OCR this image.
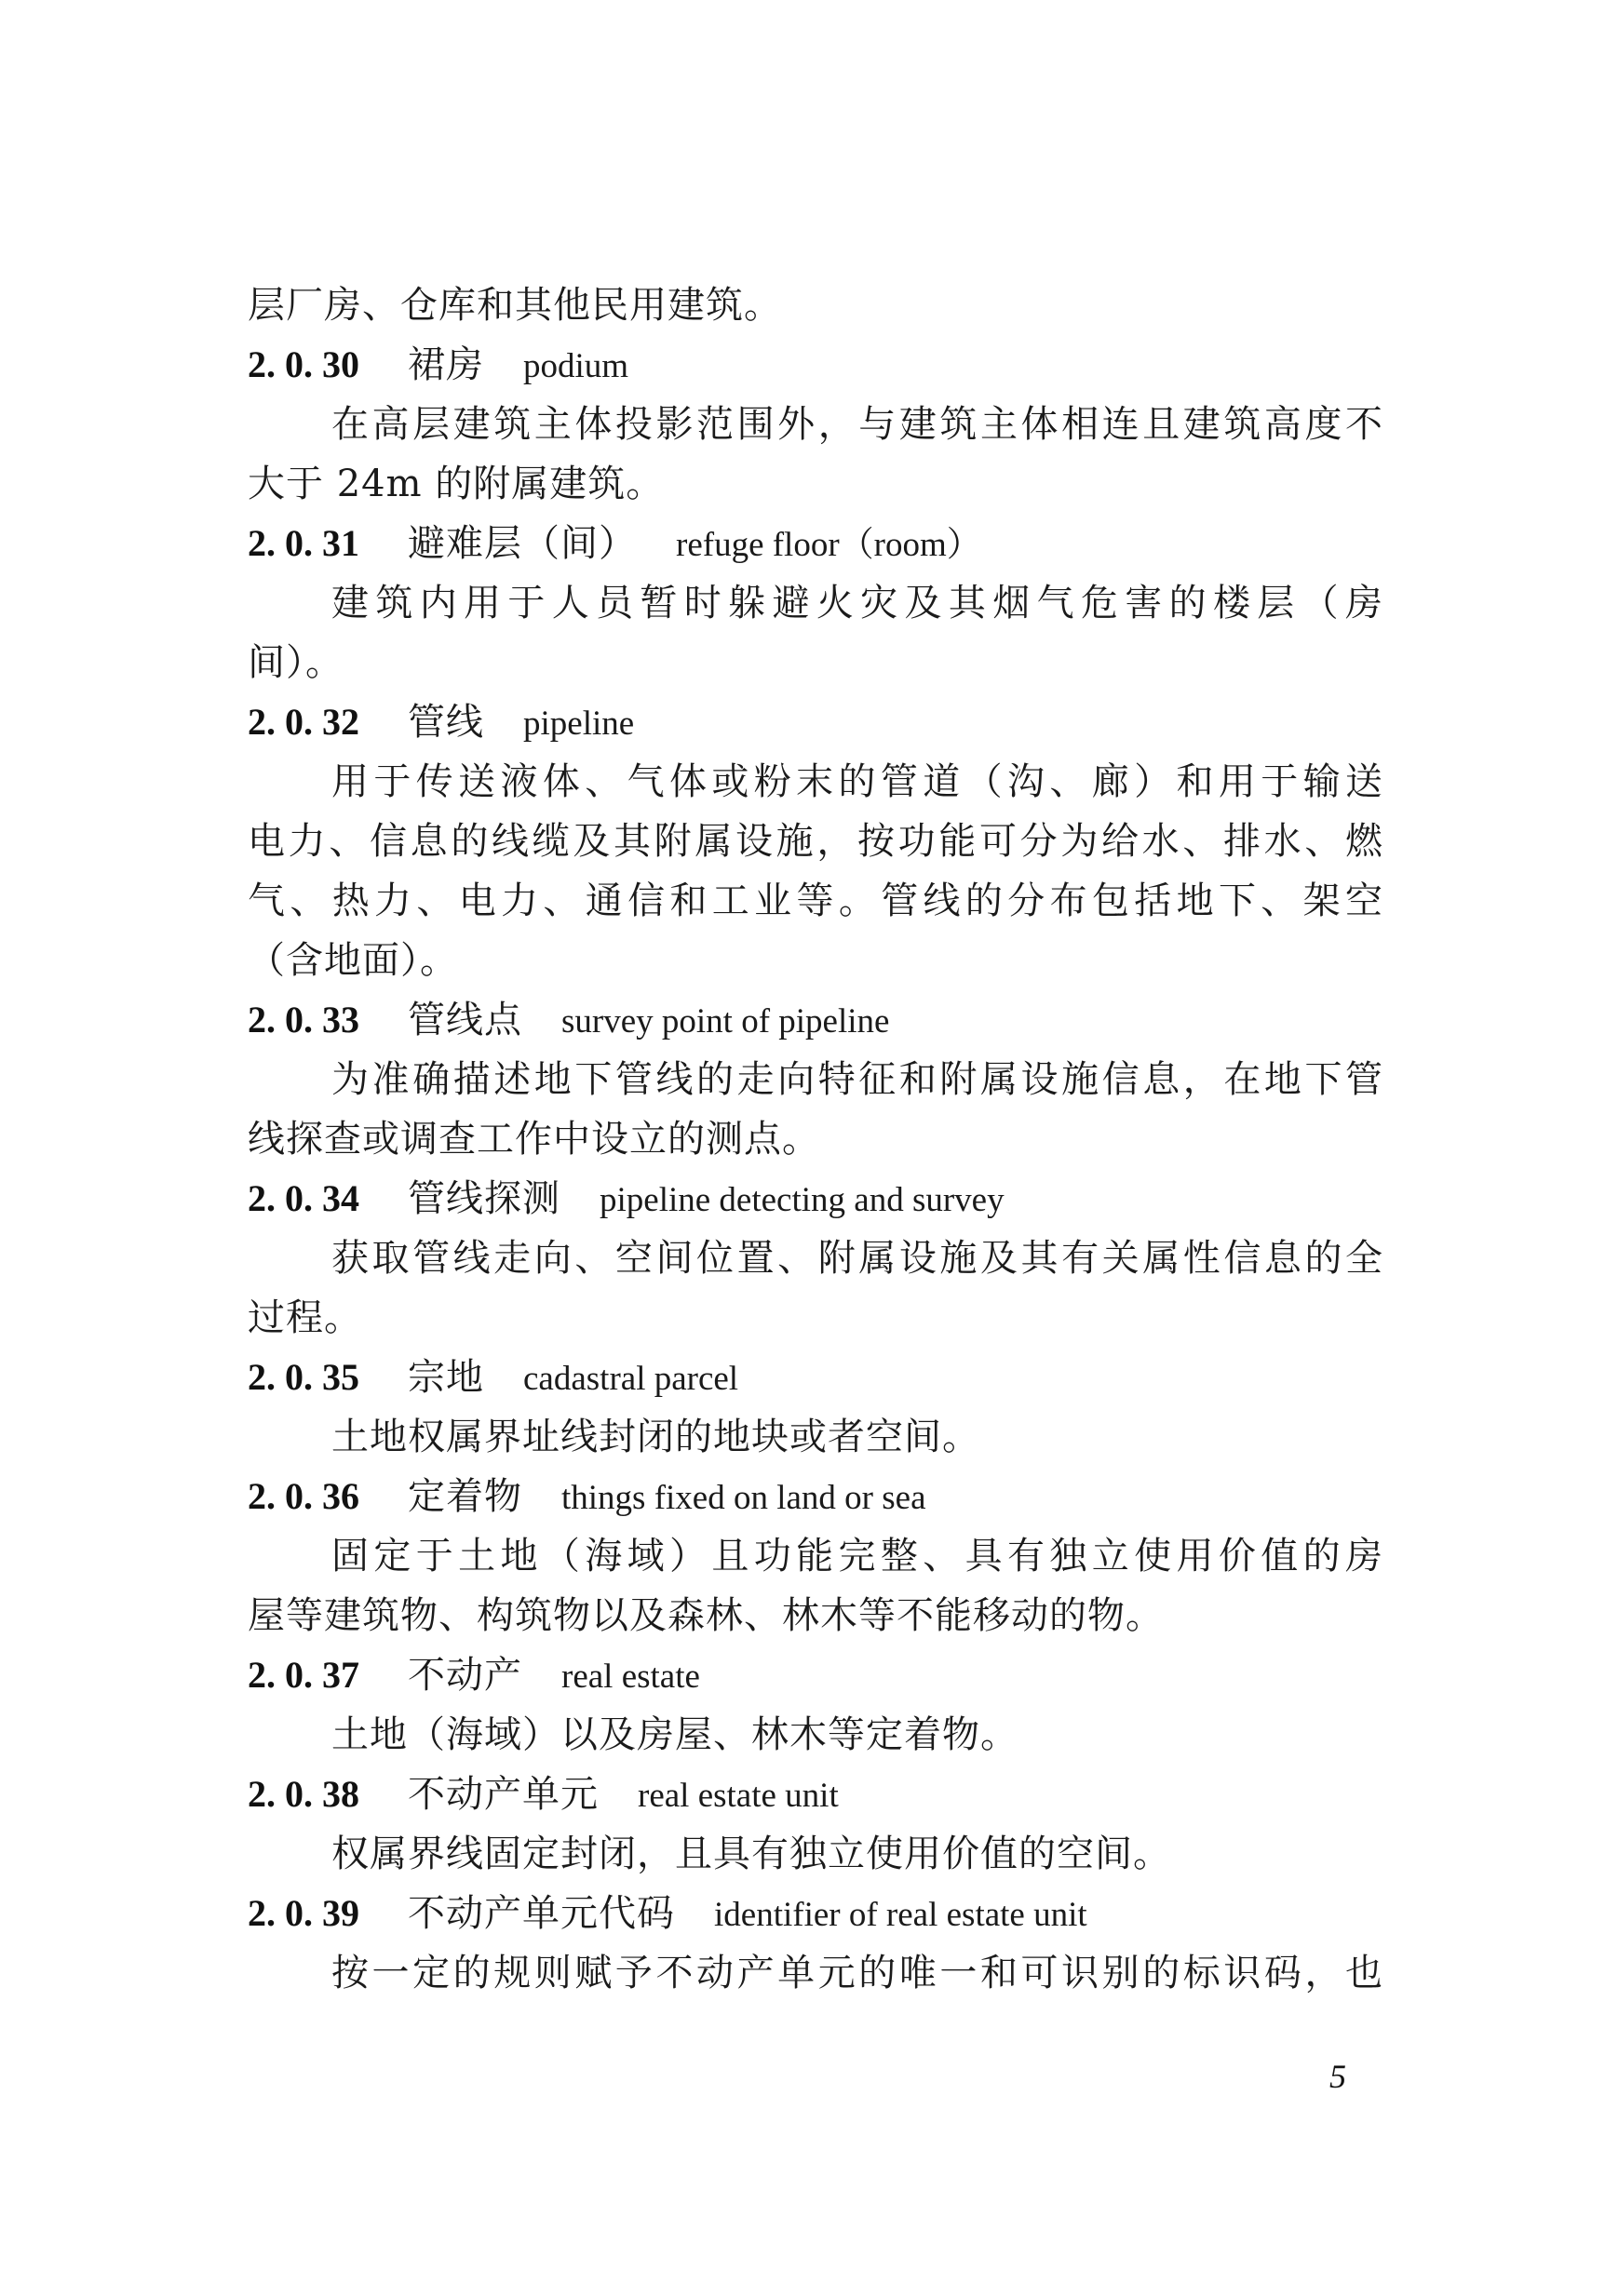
层厂房、仓库和其他民用建筑。
2. 0. 30 裙房 podium
在高层建筑主体投影范围外，与建筑主体相连且建筑高度不
大于 24m 的附属建筑。
2. 0. 31 避难层（间） refuge floor（room）
建筑内用于人员暂时躲避火灾及其烟气危害的楼层（房
间）。
2. 0. 32 管线 pipeline
用于传送液体、气体或粉末的管道（沟、廊）和用于输送
电力、信息的线缆及其附属设施，按功能可分为给水、排水、燃
气、热力、电力、通信和工业等。管线的分布包括地下、架空
（含地面）。
2. 0. 33 管线点 survey point of pipeline
为准确描述地下管线的走向特征和附属设施信息，在地下管
线探查或调查工作中设立的测点。
2. 0. 34 管线探测 pipeline detecting and survey
获取管线走向、空间位置、附属设施及其有关属性信息的全
过程。
2. 0. 35 宗地 cadastral parcel
土地权属界址线封闭的地块或者空间。
2. 0. 36 定着物 things fixed on land or sea
固定于土地（海域）且功能完整、具有独立使用价值的房
屋等建筑物、构筑物以及森林、林木等不能移动的物。
2. 0. 37 不动产 real estate
土地（海域）以及房屋、林木等定着物。
2. 0. 38 不动产单元 real estate unit
权属界线固定封闭，且具有独立使用价值的空间。
2. 0. 39 不动产单元代码 identifier of real estate unit
按一定的规则赋予不动产单元的唯一和可识别的标识码，也
5
